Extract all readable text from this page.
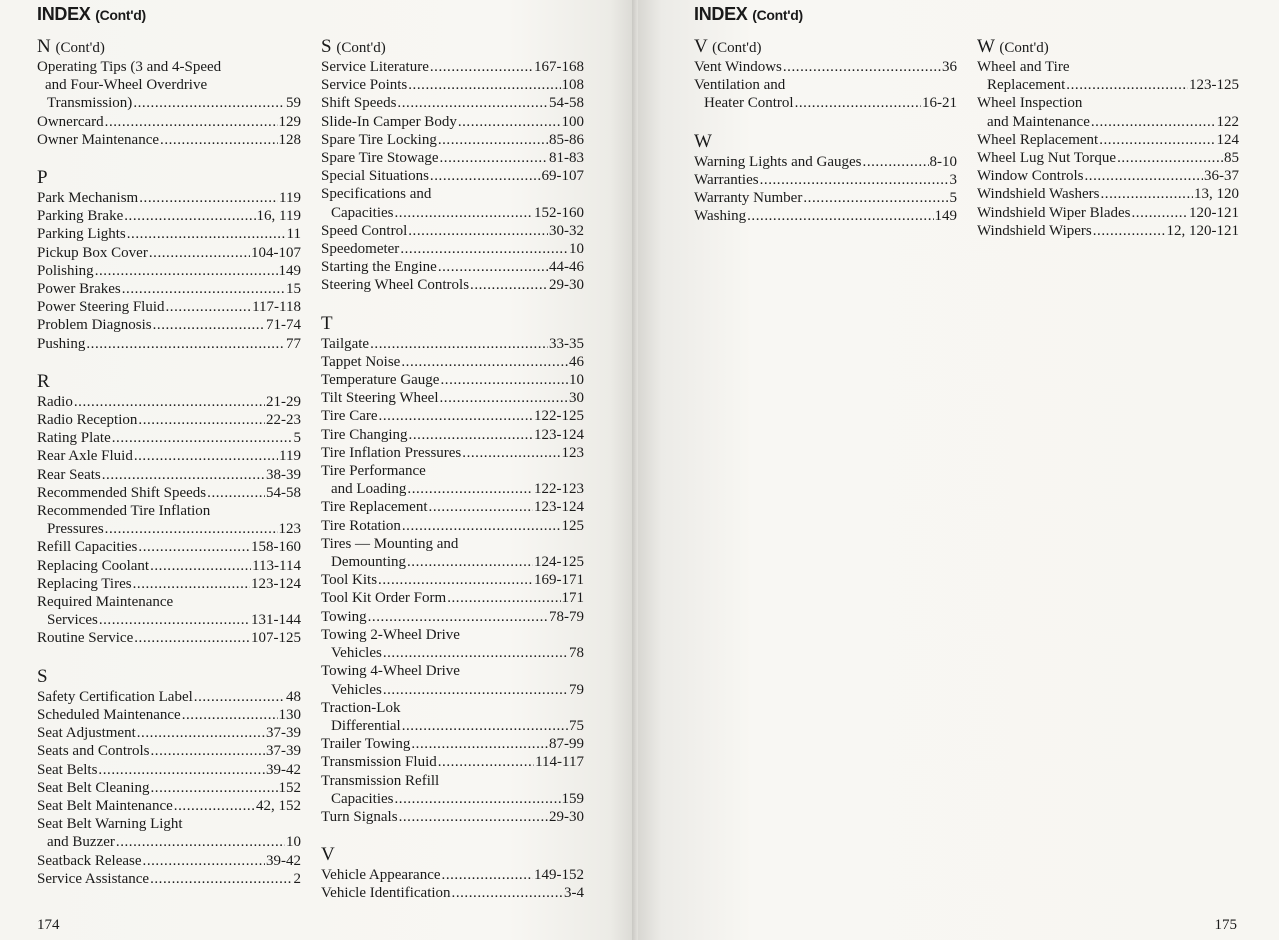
INDEX (Cont'd)
N (Cont'd)
Operating Tips (3 and 4-Speed
and Four-Wheel Overdrive
Transmission) . . .	59
Ownercard . . .	129
Owner Maintenance . . .	128
P
Park Mechanism . . .	119
Parking Brake . . .	16, 119
Parking Lights . . .	11
Pickup Box Cover . . .	104-107
Polishing . . .	149
Power Brakes . . .	15
Power Steering Fluid . . .	117-118
Problem Diagnosis . . .	71-74
Pushing . . .	77
R
Radio . . .	21-29
Radio Reception . . .	22-23
Rating Plate . . .	5
Rear Axle Fluid . . .	119
Rear Seats . . .	38-39
Recommended Shift Speeds . . .	54-58
Recommended Tire Inflation
Pressures . . .	123
Refill Capacities . . .	158-160
Replacing Coolant . . .	113-114
Replacing Tires . . .	123-124
Required Maintenance
Services . . .	131-144
Routine Service . . .	107-125
S
Safety Certification Label . . .	48
Scheduled Maintenance . . .	130
Seat Adjustment . . .	37-39
Seats and Controls . . .	37-39
Seat Belts . . .	39-42
Seat Belt Cleaning . . .	152
Seat Belt Maintenance . . .	42, 152
Seat Belt Warning Light
and Buzzer . . .	10
Seatback Release . . .	39-42
Service Assistance . . .	2
S (Cont'd)
Service Literature . . .	167-168
Service Points . . .	108
Shift Speeds . . .	54-58
Slide-In Camper Body . . .	100
Spare Tire Locking . . .	85-86
Spare Tire Stowage . . .	81-83
Special Situations . . .	69-107
Specifications and
Capacities . . .	152-160
Speed Control . . .	30-32
Speedometer . . .	10
Starting the Engine . . .	44-46
Steering Wheel Controls . . .	29-30
T
Tailgate . . .	33-35
Tappet Noise . . .	46
Temperature Gauge . . .	10
Tilt Steering Wheel . . .	30
Tire Care . . .	122-125
Tire Changing . . .	123-124
Tire Inflation Pressures . . .	123
Tire Performance
and Loading . . .	122-123
Tire Replacement . . .	123-124
Tire Rotation . . .	125
Tires — Mounting and
Demounting . . .	124-125
Tool Kits . . .	169-171
Tool Kit Order Form . . .	171
Towing . . .	78-79
Towing 2-Wheel Drive
Vehicles . . .	78
Towing 4-Wheel Drive
Vehicles . . .	79
Traction-Lok
Differential . . .	75
Trailer Towing . . .	87-99
Transmission Fluid . . .	114-117
Transmission Refill
Capacities . . .	159
Turn Signals . . .	29-30
V
Vehicle Appearance . . .	149-152
Vehicle Identification . . .	3-4
174
INDEX (Cont'd)
V (Cont'd)
Vent Windows . . .	36
Ventilation and
Heater Control . . .	16-21
W
Warning Lights and Gauges . . .	8-10
Warranties . . .	3
Warranty Number . . .	5
Washing . . .	149
W (Cont'd)
Wheel and Tire
Replacement . . .	123-125
Wheel Inspection
and Maintenance . . .	122
Wheel Replacement . . .	124
Wheel Lug Nut Torque . . .	85
Window Controls . . .	36-37
Windshield Washers . . .	13, 120
Windshield Wiper Blades . . .	120-121
Windshield Wipers . . .	12, 120-121
175
